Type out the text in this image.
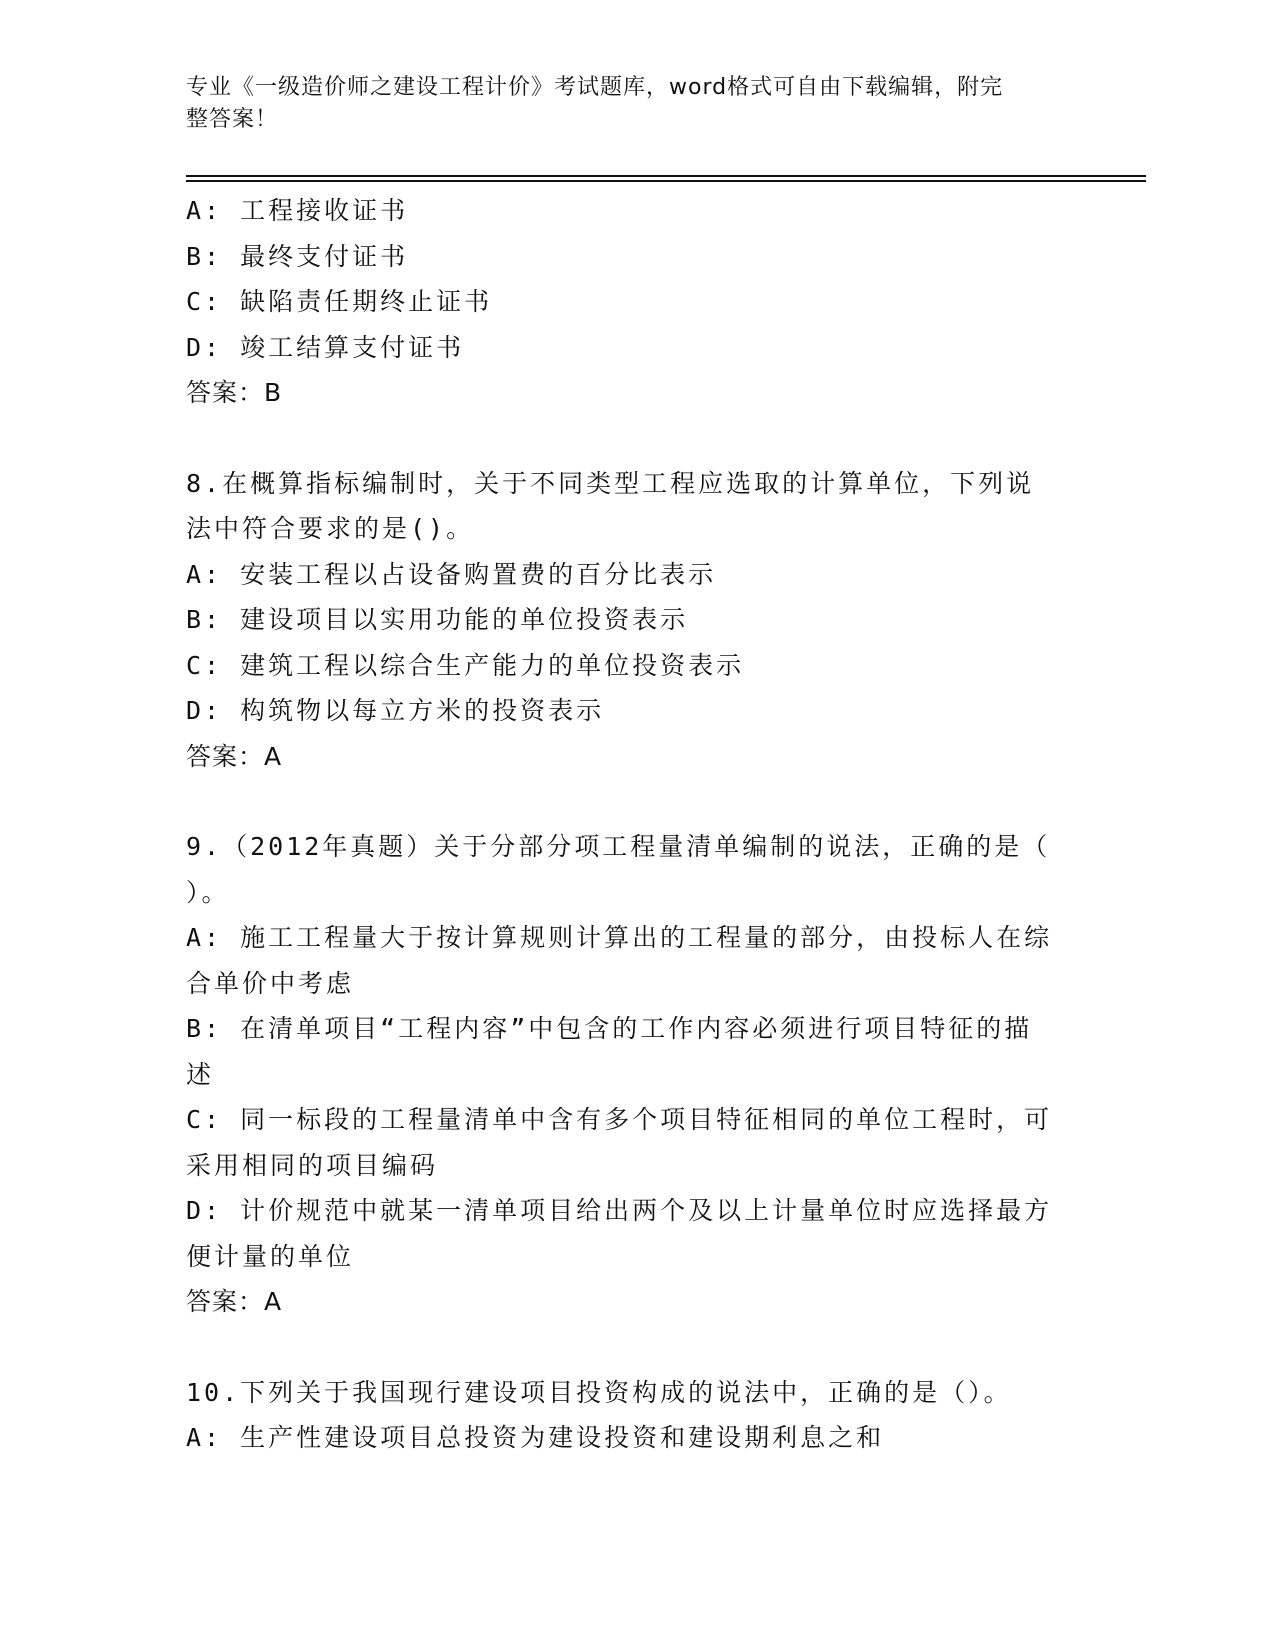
专业《一级造价师之建设工程计价》考试题库，word格式可自由下载编辑，附完
整答案！
A: 工程接收证书
B: 最终支付证书
C: 缺陷责任期终止证书
D: 竣工结算支付证书
答案：B
8.在概算指标编制时，关于不同类型工程应选取的计算单位，下列说
法中符合要求的是()。
A: 安装工程以占设备购置费的百分比表示
B: 建设项目以实用功能的单位投资表示
C: 建筑工程以综合生产能力的单位投资表示
D: 构筑物以每立方米的投资表示
答案：A
9.（2012年真题）关于分部分项工程量清单编制的说法，正确的是（
）。
A: 施工工程量大于按计算规则计算出的工程量的部分，由投标人在综
合单价中考虑
B: 在清单项目“工程内容”中包含的工作内容必须进行项目特征的描
述
C: 同一标段的工程量清单中含有多个项目特征相同的单位工程时，可
采用相同的项目编码
D: 计价规范中就某一清单项目给出两个及以上计量单位时应选择最方
便计量的单位
答案：A
10.下列关于我国现行建设项目投资构成的说法中，正确的是（）。
A: 生产性建设项目总投资为建设投资和建设期利息之和
